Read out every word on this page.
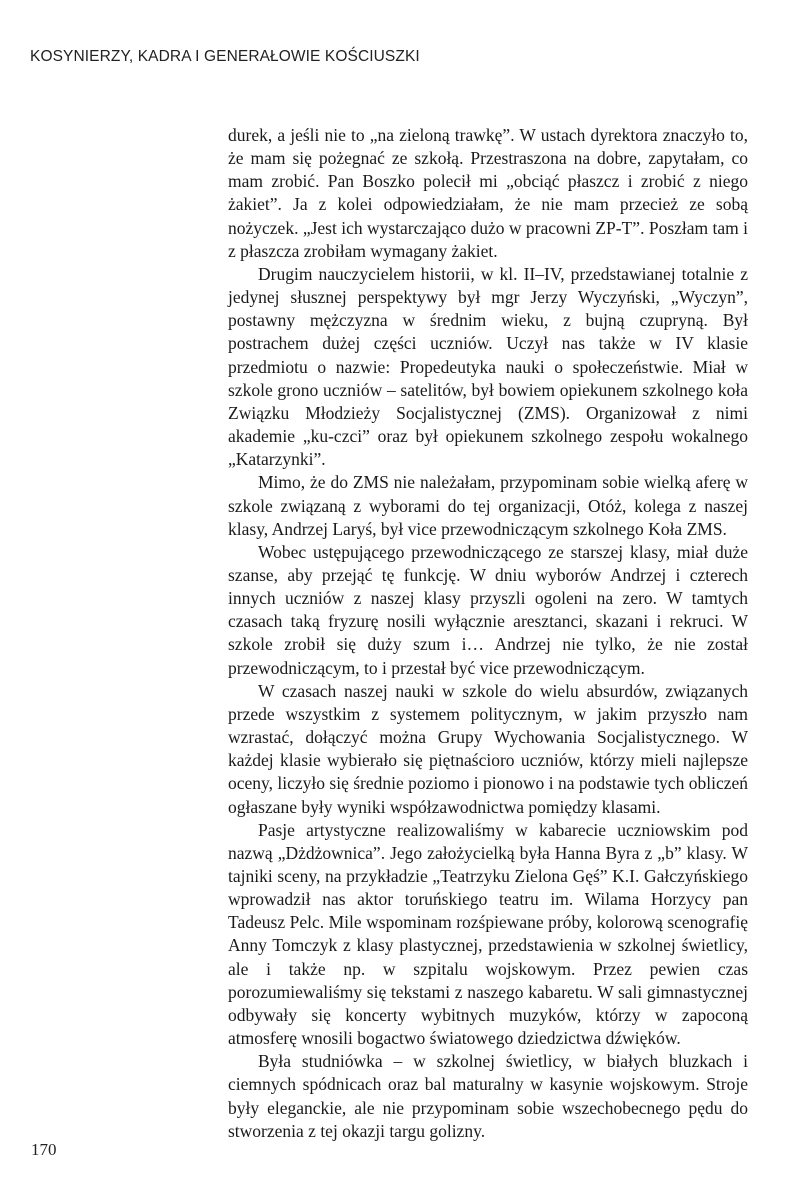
KOSYNIERZY, KADRA I GENERAŁOWIE KOŚCIUSZKI

durek, a jeśli nie to „na zieloną trawkę”. W ustach dyrektora znaczyło to, że mam się pożegnać ze szkołą. Przestraszona na dobre, zapytałam, co mam zrobić. Pan Boszko polecił mi „obciąć płaszcz i zrobić z niego żakiet”. Ja z kolei odpowiedziałam, że nie mam przecież ze sobą nożyczek. „Jest ich wystarczająco dużo w pracowni ZP-T”. Poszłam tam i z płaszcza zrobiłam wymagany żakiet.

Drugim nauczycielem historii, w kl. II–IV, przedstawianej totalnie z jedynej słusznej perspektywy był mgr Jerzy Wyczyński, „Wyczyn”, postawny mężczyzna w średnim wieku, z bujną czupryną. Był postrachem dużej części uczniów. Uczył nas także w IV klasie przedmiotu o nazwie: Propedeutyka nauki o społeczeństwie. Miał w szkole grono uczniów – satelitów, był bowiem opiekunem szkolnego koła Związku Młodzieży Socjalistycznej (ZMS). Organizował z nimi akademie „ku-czci” oraz był opiekunem szkolnego zespołu wokalnego „Katarzynki”.

Mimo, że do ZMS nie należałam, przypominam sobie wielką aferę w szkole związaną z wyborami do tej organizacji, Otóż, kolega z naszej klasy, Andrzej Laryś, był vice przewodniczącym szkolnego Koła ZMS.

Wobec ustępującego przewodniczącego ze starszej klasy, miał duże szanse, aby przejąć tę funkcję. W dniu wyborów Andrzej i czterech innych uczniów z naszej klasy przyszli ogoleni na zero. W tamtych czasach taką fryzurę nosili wyłącznie aresztanci, skazani i rekruci. W szkole zrobił się duży szum i… Andrzej nie tylko, że nie został przewodniczącym, to i przestał być vice przewodniczącym.

W czasach naszej nauki w szkole do wielu absurdów, związanych przede wszystkim z systemem politycznym, w jakim przyszło nam wzrastać, dołączyć można Grupy Wychowania Socjalistycznego. W każdej klasie wybierało się piętnaścioro uczniów, którzy mieli najlepsze oceny, liczyło się średnie poziomo i pionowo i na podstawie tych obliczeń ogłaszane były wyniki współzawodnictwa pomiędzy klasami.

Pasje artystyczne realizowaliśmy w kabarecie uczniowskim pod nazwą „Dżdżownica”. Jego założycielką była Hanna Byra z „b” klasy. W tajniki sceny, na przykładzie „Teatrzyku Zielona Gęś” K.I. Gałczyńskiego wprowadził nas aktor toruńskiego teatru im. Wilama Horzycy pan Tadeusz Pelc. Mile wspominam rozśpiewane próby, kolorową scenografię Anny Tomczyk z klasy plastycznej, przedstawienia w szkolnej świetlicy, ale i także np. w szpitalu wojskowym. Przez pewien czas porozumiewaliśmy się tekstami z naszego kabaretu. W sali gimnastycznej odbywały się koncerty wybitnych muzyków, którzy w zapoconą atmosferę wnosili bogactwo światowego dziedzictwa dźwięków.

Była studniówka – w szkolnej świetlicy, w białych bluzkach i ciemnych spódnicach oraz bal maturalny w kasynie wojskowym. Stroje były eleganckie, ale nie przypominam sobie wszechobecnego pędu do stworzenia z tej okazji targu golizny.

170
